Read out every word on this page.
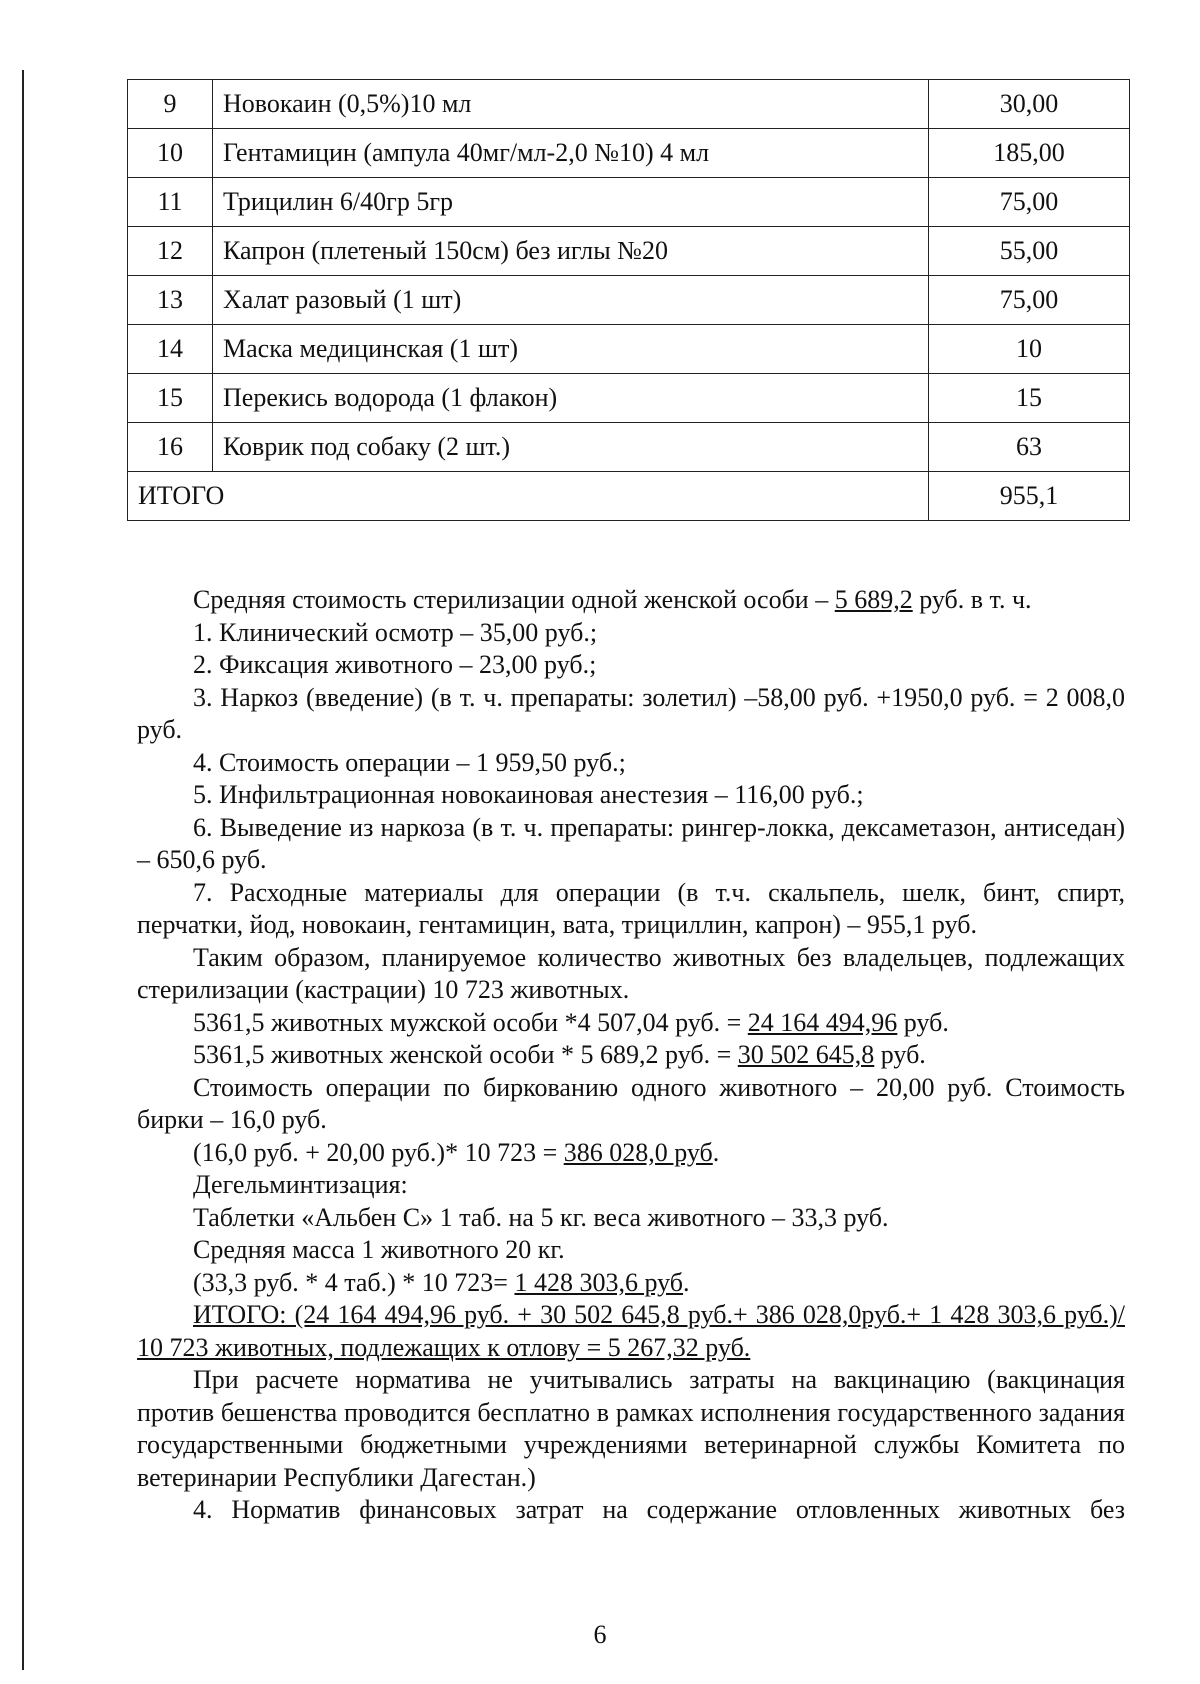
9	Новокаин (0,5%)10 мл	30,00
10	Гентамицин (ампула 40мг/мл-2,0 №10) 4 мл	185,00
11	Трицилин 6/40гр 5гр	75,00
12	Капрон (плетеный 150см) без иглы №20	55,00
13	Халат разовый (1 шт)	75,00
14	Маска медицинская (1 шт)	10
15	Перекись водорода (1 флакон)	15
16	Коврик под собаку (2 шт.)	63
ИТОГО		955,1

Средняя стоимость стерилизации одной женской особи – 5 689,2 руб. в т. ч.

1. Клинический осмотр – 35,00 руб.;

2. Фиксация животного – 23,00 руб.;

3. Наркоз (введение) (в т. ч. препараты: золетил) –58,00 руб. +1950,0 руб. = 2 008,0 руб.

4. Стоимость операции – 1 959,50 руб.;

5. Инфильтрационная новокаиновая анестезия – 116,00 руб.;

6. Выведение из наркоза (в т. ч. препараты: рингер-локка, дексаметазон, антиседан) – 650,6 руб.

7. Расходные материалы для операции (в т.ч. скальпель, шелк, бинт, спирт, перчатки, йод, новокаин, гентамицин, вата, трициллин, капрон) – 955,1 руб.

Таким образом, планируемое количество животных без владельцев, подлежащих стерилизации (кастрации) 10 723 животных.

5361,5 животных мужской особи *4 507,04 руб. = 24 164 494,96 руб.

5361,5 животных женской особи * 5 689,2 руб. = 30 502 645,8 руб.

Стоимость операции по биркованию одного животного – 20,00 руб. Стоимость бирки – 16,0 руб.

(16,0 руб. + 20,00 руб.)* 10 723 = 386 028,0 руб.

Дегельминтизация:

Таблетки «Альбен С» 1 таб. на 5 кг. веса животного – 33,3 руб.

Средняя масса 1 животного 20 кг.

(33,3 руб. * 4 таб.) * 10 723= 1 428 303,6 руб.

ИТОГО: (24 164 494,96 руб. + 30 502 645,8 руб.+ 386 028,0руб.+ 1 428 303,6 руб.)/ 10 723 животных, подлежащих к отлову = 5 267,32 руб.

При расчете норматива не учитывались затраты на вакцинацию (вакцинация против бешенства проводится бесплатно в рамках исполнения государственного задания государственными бюджетными учреждениями ветеринарной службы Комитета по ветеринарии Республики Дагестан.)

4. Норматив финансовых затрат на содержание отловленных животных без

6
